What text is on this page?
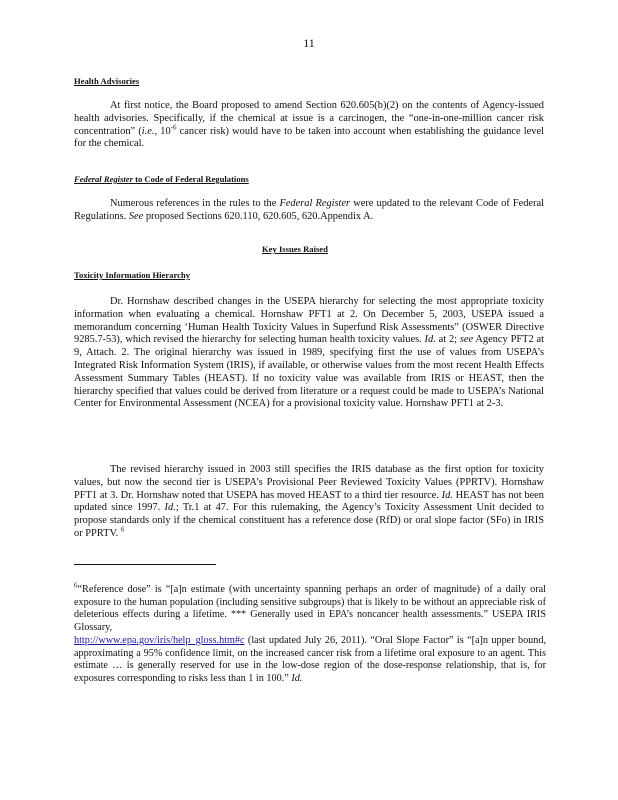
11
Health Advisories

At first notice, the Board proposed to amend Section 620.605(b)(2) on the contents of Agency-issued health advisories. Specifically, if the chemical at issue is a carcinogen, the “one-in-one-million cancer risk concentration” (i.e., $10^{-6}$ cancer risk) would have to be taken into account when establishing the guidance level for the chemical.

Federal Register to Code of Federal Regulations

Numerous references in the rules to the Federal Register were updated to the relevant Code of Federal Regulations. See proposed Sections 620.110, 620.605, 620.Appendix A.

Key Issues Raised
Toxicity Information Hierarchy

Dr. Hornshaw described changes in the USEPA hierarchy for selecting the most appropriate toxicity information when evaluating a chemical. Hornshaw PFT1 at 2. On December 5, 2003, USEPA issued a memorandum concerning ‘Human Health Toxicity Values in Superfund Risk Assessments” (OSWER Directive 9285.7-53), which revised the hierarchy for selecting human health toxicity values. Id. at 2; see Agency PFT2 at 9, Attach. 2. The original hierarchy was issued in 1989, specifying first the use of values from USEPA’s Integrated Risk Information System (IRIS), if available, or otherwise values from the most recent Health Effects Assessment Summary Tables (HEAST). If no toxicity value was available from IRIS or HEAST, then the hierarchy specified that values could be derived from literature or a request could be made to USEPA’s National Center for Environmental Assessment (NCEA) for a provisional toxicity value. Hornshaw PFT1 at 2-3.

The revised hierarchy issued in 2003 still specifies the IRIS database as the first option for toxicity values, but now the second tier is USEPA’s Provisional Peer Reviewed Toxicity Values (PPRTV). Hornshaw PFT1 at 3. Dr. Hornshaw noted that USEPA has moved HEAST to a third tier resource. Id. HEAST has not been updated since 1997. Id.; Tr.1 at 47. For this rulemaking, the Agency’s Toxicity Assessment Unit decided to propose standards only if the chemical constituent has a reference dose (RfD) or oral slope factor (SFo) in IRIS or PPRTV. $^6$

$^6$“Reference dose” is “[a]n estimate (with uncertainty spanning perhaps an order of magnitude) of a daily oral exposure to the human population (including sensitive subgroups) that is likely to be without an appreciable risk of deleterious effects during a lifetime. *** Generally used in EPA’s noncancer health assessments.” USEPA IRIS Glossary,
http://www.epa.gov/iris/help_gloss.htm#c (last updated July 26, 2011). “Oral Slope Factor” is “[a]n upper bound, approximating a 95% confidence limit, on the increased cancer risk from a lifetime oral exposure to an agent. This estimate … is generally reserved for use in the low-dose region of the dose-response relationship, that is, for exposures corresponding to risks less than 1 in 100.” Id.
